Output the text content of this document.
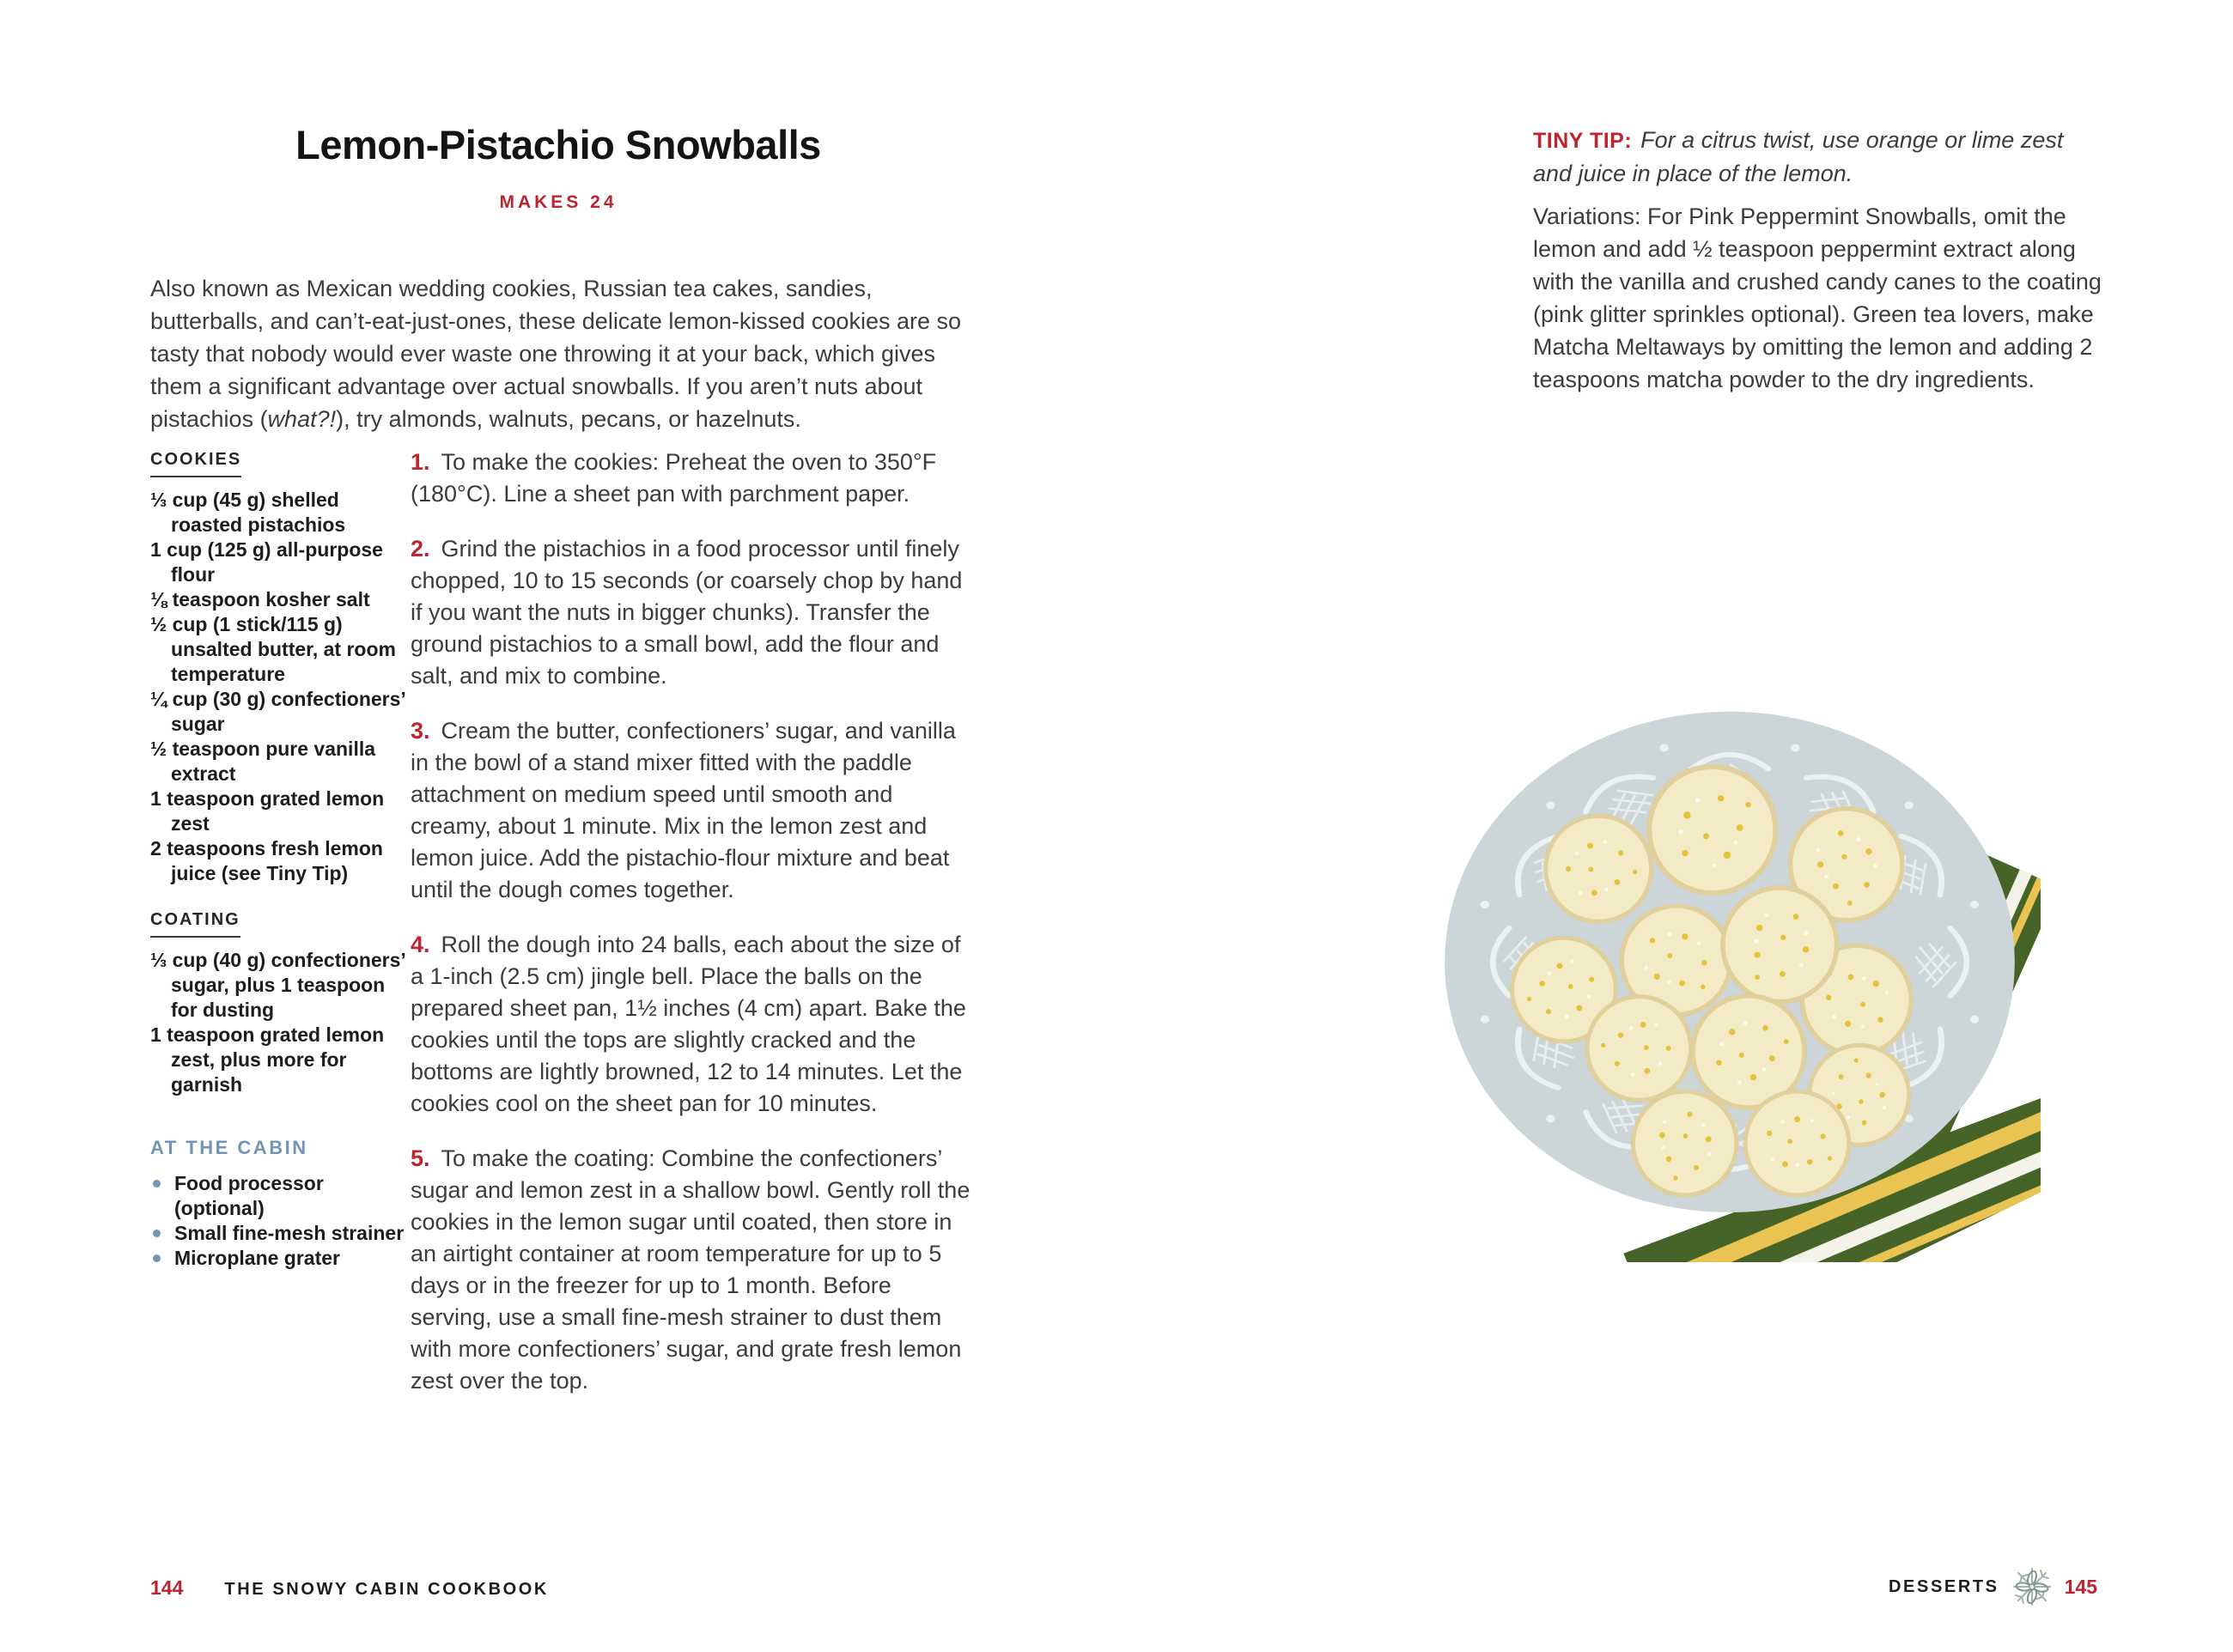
Lemon-Pistachio Snowballs
MAKES 24

Also known as Mexican wedding cookies, Russian tea cakes, sandies, butterballs, and can’t-eat-just-ones, these delicate lemon-kissed cookies are so tasty that nobody would ever waste one throwing it at your back, which gives them a significant advantage over actual snowballs. If you aren’t nuts about pistachios (what?!), try almonds, walnuts, pecans, or hazelnuts.

COOKIES
⅓ cup (45 g) shelled roasted pistachios
1 cup (125 g) all-purpose flour
⅛ teaspoon kosher salt
½ cup (1 stick/115 g) unsalted butter, at room temperature
¼ cup (30 g) confectioners’ sugar
½ teaspoon pure vanilla extract
1 teaspoon grated lemon zest
2 teaspoons fresh lemon juice (see Tiny Tip)
COATING
⅓ cup (40 g) confectioners’ sugar, plus 1 teaspoon for dusting
1 teaspoon grated lemon zest, plus more for garnish
AT THE CABIN
Food processor (optional)
Small fine-mesh strainer
Microplane grater

1. To make the cookies: Preheat the oven to 350°F (180°C). Line a sheet pan with parchment paper.

2. Grind the pistachios in a food processor until finely chopped, 10 to 15 seconds (or coarsely chop by hand if you want the nuts in bigger chunks). Transfer the ground pistachios to a small bowl, add the flour and salt, and mix to combine.

3. Cream the butter, confectioners’ sugar, and vanilla in the bowl of a stand mixer fitted with the paddle attachment on medium speed until smooth and creamy, about 1 minute. Mix in the lemon zest and lemon juice. Add the pistachio-flour mixture and beat until the dough comes together.

4. Roll the dough into 24 balls, each about the size of a 1-inch (2.5 cm) jingle bell. Place the balls on the prepared sheet pan, 1½ inches (4 cm) apart. Bake the cookies until the tops are slightly cracked and the bottoms are lightly browned, 12 to 14 minutes. Let the cookies cool on the sheet pan for 10 minutes.

5. To make the coating: Combine the confectioners’ sugar and lemon zest in a shallow bowl. Gently roll the cookies in the lemon sugar until coated, then store in an airtight container at room temperature for up to 5 days or in the freezer for up to 1 month. Before serving, use a small fine-mesh strainer to dust them with more confectioners’ sugar, and grate fresh lemon zest over the top.

TINY TIP: For a citrus twist, use orange or lime zest and juice in place of the lemon.

Variations: For Pink Peppermint Snowballs, omit the lemon and add ½ teaspoon peppermint extract along with the vanilla and crushed candy canes to the coating (pink glitter sprinkles optional). Green tea lovers, make Matcha Meltaways by omitting the lemon and adding 2 teaspoons matcha powder to the dry ingredients.

144 THE SNOWY CABIN COOKBOOK	DESSERTS	145
